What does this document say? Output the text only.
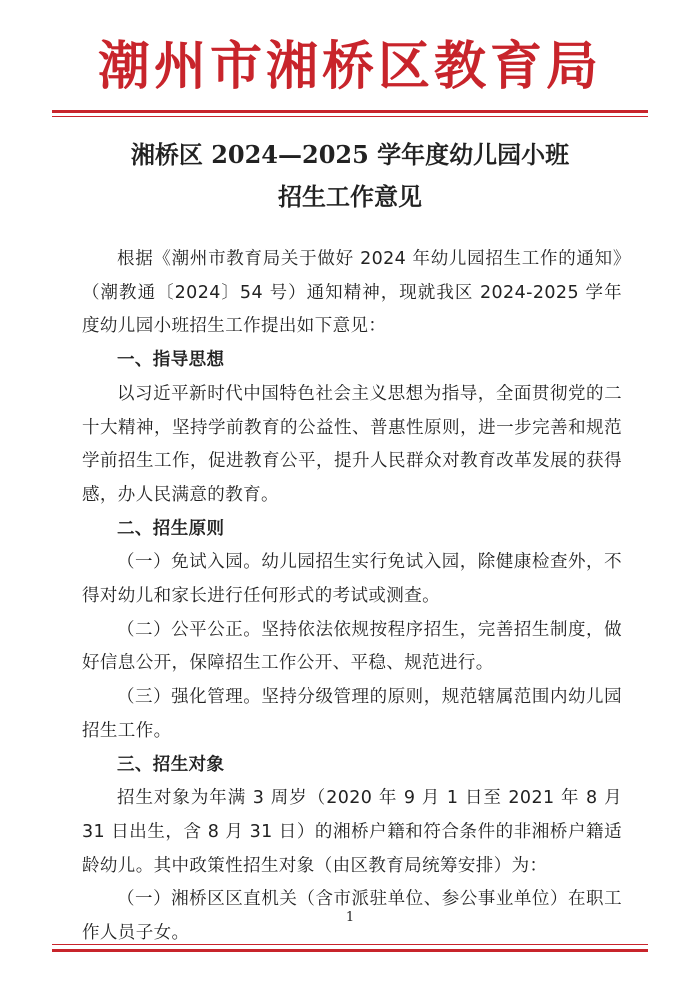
潮州市湘桥区教育局
湘桥区 2024—2025 学年度幼儿园小班
招生工作意见

根据《潮州市教育局关于做好 2024 年幼儿园招生工作的通知》（潮教通〔2024〕54 号）通知精神，现就我区 2024-2025 学年度幼儿园小班招生工作提出如下意见：

一、指导思想

以习近平新时代中国特色社会主义思想为指导，全面贯彻党的二十大精神，坚持学前教育的公益性、普惠性原则，进一步完善和规范学前招生工作，促进教育公平，提升人民群众对教育改革发展的获得感，办人民满意的教育。

二、招生原则

（一）免试入园。幼儿园招生实行免试入园，除健康检查外，不得对幼儿和家长进行任何形式的考试或测查。

（二）公平公正。坚持依法依规按程序招生，完善招生制度，做好信息公开，保障招生工作公开、平稳、规范进行。

（三）强化管理。坚持分级管理的原则，规范辖属范围内幼儿园招生工作。

三、招生对象

招生对象为年满 3 周岁（2020 年 9 月 1 日至 2021 年 8 月 31 日出生，含 8 月 31 日）的湘桥户籍和符合条件的非湘桥户籍适龄幼儿。其中政策性招生对象（由区教育局统筹安排）为：

（一）湘桥区区直机关（含市派驻单位、参公事业单位）在职工作人员子女。

1
